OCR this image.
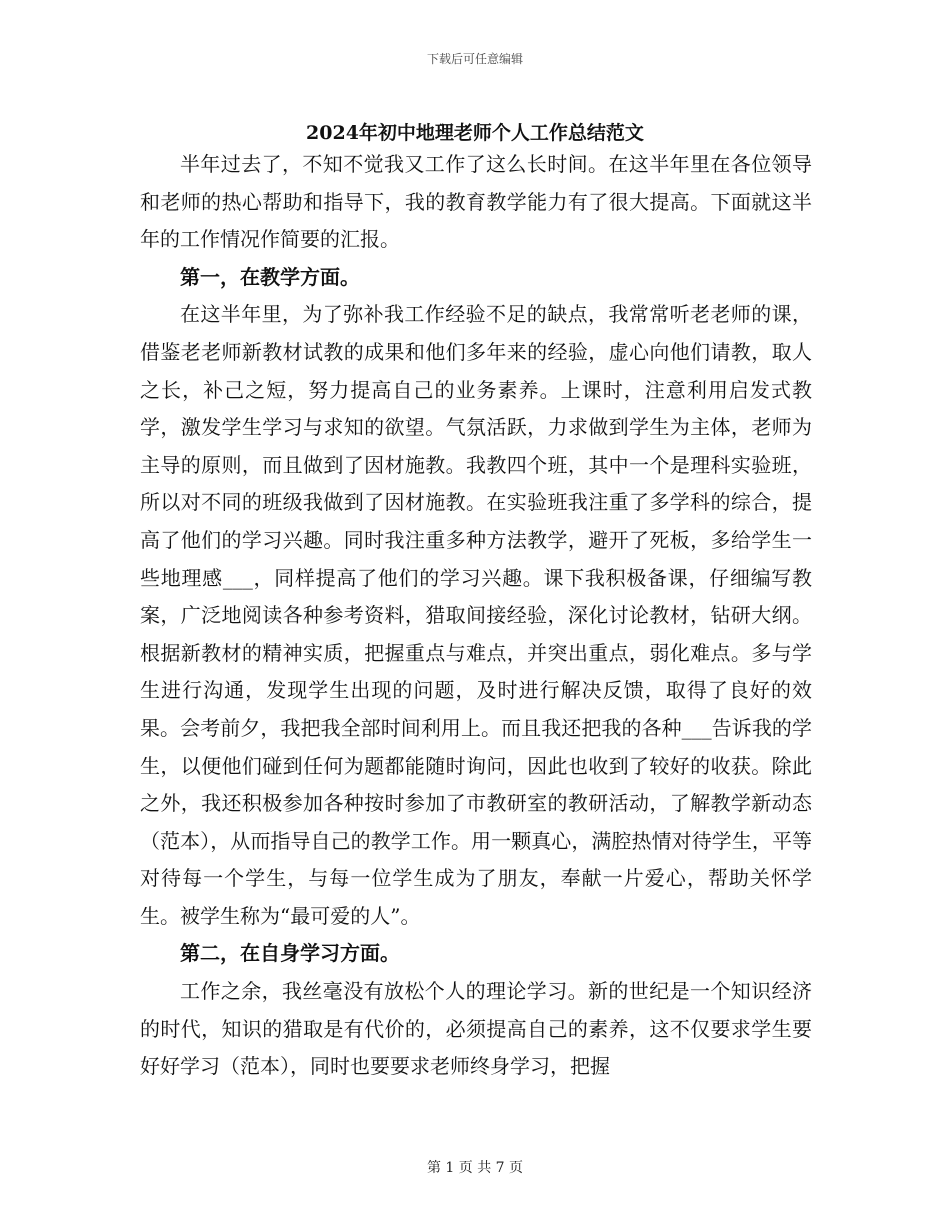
下载后可任意编辑
2024年初中地理老师个人工作总结范文

半年过去了，不知不觉我又工作了这么长时间。在这半年里在各位领导和老师的热心帮助和指导下，我的教育教学能力有了很大提高。下面就这半年的工作情况作简要的汇报。

第一，在教学方面。

在这半年里，为了弥补我工作经验不足的缺点，我常常听老老师的课，借鉴老老师新教材试教的成果和他们多年来的经验，虚心向他们请教，取人之长，补己之短，努力提高自己的业务素养。上课时，注意利用启发式教学，激发学生学习与求知的欲望。气氛活跃，力求做到学生为主体，老师为主导的原则，而且做到了因材施教。我教四个班，其中一个是理科实验班，所以对不同的班级我做到了因材施教。在实验班我注重了多学科的综合，提高了他们的学习兴趣。同时我注重多种方法教学，避开了死板，多给学生一些地理感___，同样提高了他们的学习兴趣。课下我积极备课，仔细编写教案，广泛地阅读各种参考资料，猎取间接经验，深化讨论教材，钻研大纲。根据新教材的精神实质，把握重点与难点，并突出重点，弱化难点。多与学生进行沟通，发现学生出现的问题，及时进行解决反馈，取得了良好的效果。会考前夕，我把我全部时间利用上。而且我还把我的各种___告诉我的学生，以便他们碰到任何为题都能随时询问，因此也收到了较好的收获。除此之外，我还积极参加各种按时参加了市教研室的教研活动，了解教学新动态（范本），从而指导自己的教学工作。用一颗真心，满腔热情对待学生，平等对待每一个学生，与每一位学生成为了朋友，奉献一片爱心，帮助关怀学生。被学生称为“最可爱的人”。

第二，在自身学习方面。

工作之余，我丝毫没有放松个人的理论学习。新的世纪是一个知识经济的时代，知识的猎取是有代价的，必须提高自己的素养，这不仅要求学生要好好学习（范本），同时也要要求老师终身学习，把握

第 1 页 共 7 页
